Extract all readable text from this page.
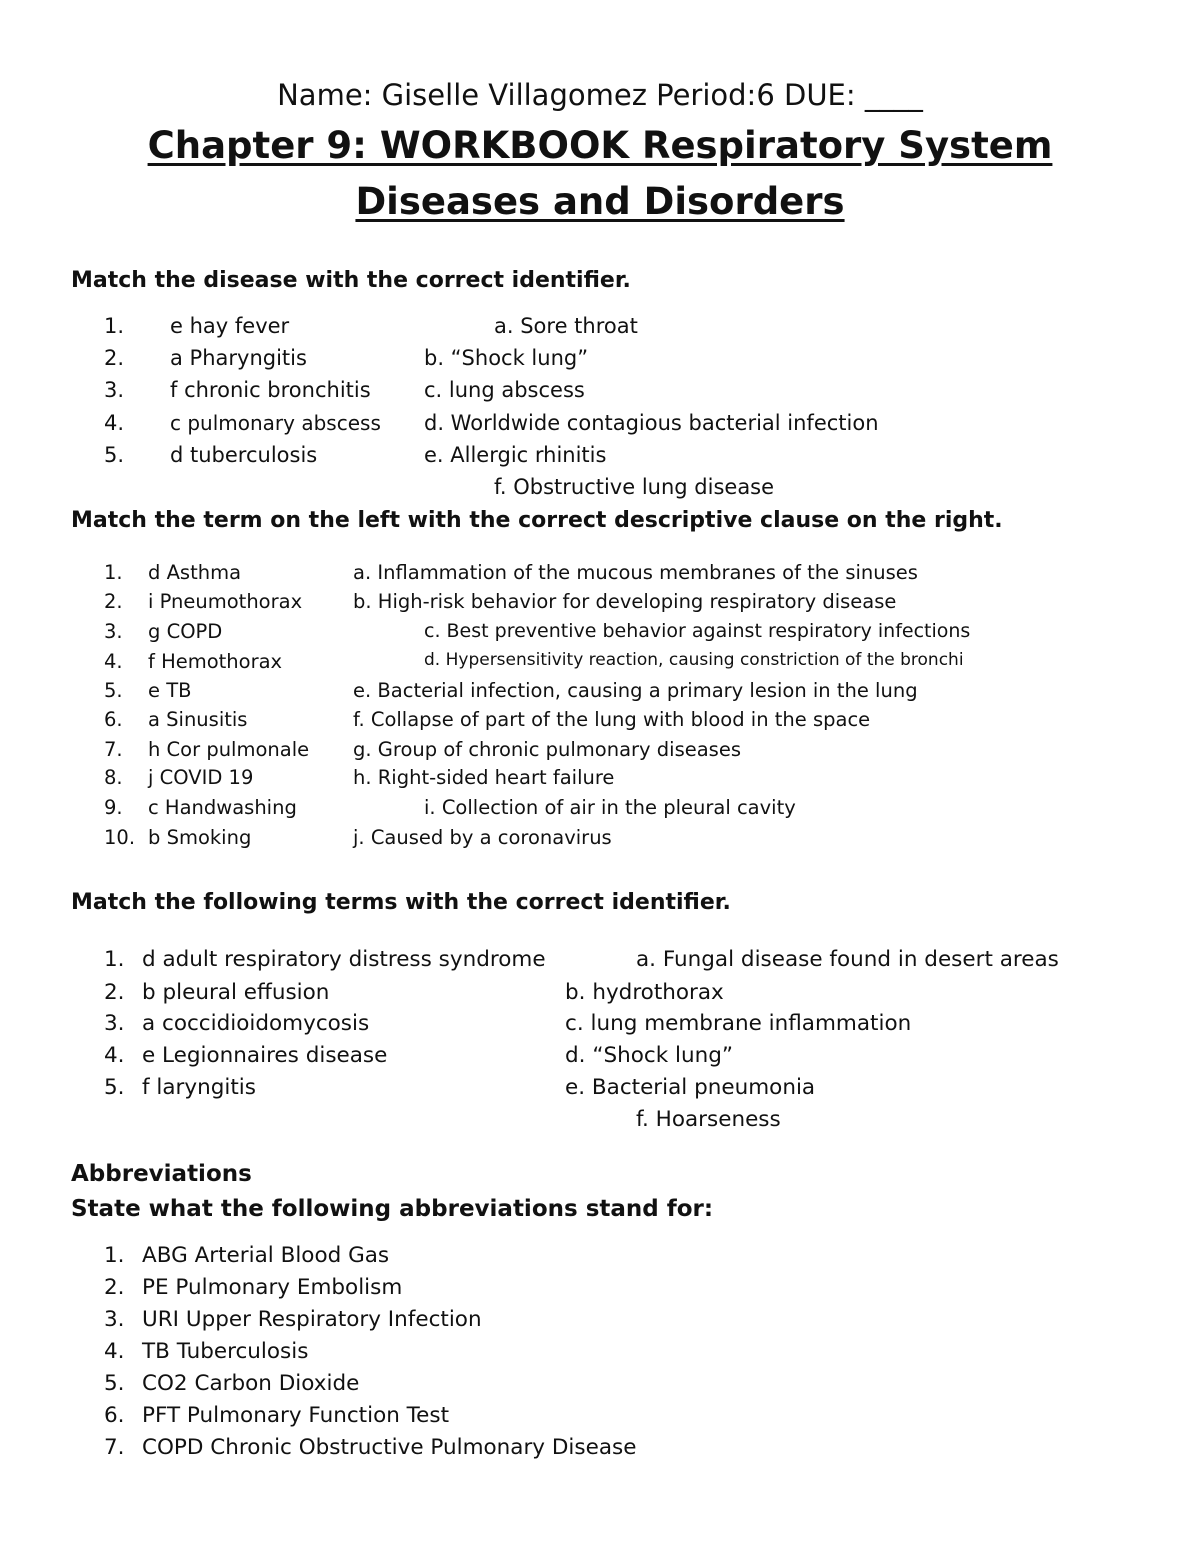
Name: Giselle Villagomez Period:6 DUE: ____
Chapter 9: WORKBOOK Respiratory System
Diseases and Disorders
Match the disease with the correct identifier.
1. e hay fever	a. Sore throat
2. a Pharyngitis	b. “Shock lung”
3. f chronic bronchitis	c. lung abscess
4. c pulmonary abscess d. Worldwide contagious bacterial infection
5. d tuberculosis	e. Allergic rhinitis
f. Obstructive lung disease
Match the term on the left with the correct descriptive clause on the right.
1. d Asthma	a. Inflammation of the mucous membranes of the sinuses
2. i Pneumothorax	b. High-risk behavior for developing respiratory disease
3. g COPD	c. Best preventive behavior against respiratory infections
4. f Hemothorax	d. Hypersensitivity reaction, causing constriction of the bronchi
5. e TB	e. Bacterial infection, causing a primary lesion in the lung
6. a Sinusitis	f. Collapse of part of the lung with blood in the space
7. h Cor pulmonale g. Group of chronic pulmonary diseases
8. j COVID 19	h. Right-sided heart failure
9. c Handwashing	i. Collection of air in the pleural cavity
10. b Smoking	j. Caused by a coronavirus
Match the following terms with the correct identifier.
1. d adult respiratory distress syndrome	a. Fungal disease found in desert areas
2. b pleural effusion	b. hydrothorax
3. a coccidioidomycosis	c. lung membrane inflammation
4. e Legionnaires disease	d. “Shock lung”
5. f laryngitis	e. Bacterial pneumonia
f. Hoarseness
Abbreviations
State what the following abbreviations stand for:
1. ABG Arterial Blood Gas
2. PE Pulmonary Embolism
3. URI Upper Respiratory Infection
4. TB Tuberculosis
5. CO2 Carbon Dioxide
6. PFT Pulmonary Function Test
7. COPD Chronic Obstructive Pulmonary Disease
